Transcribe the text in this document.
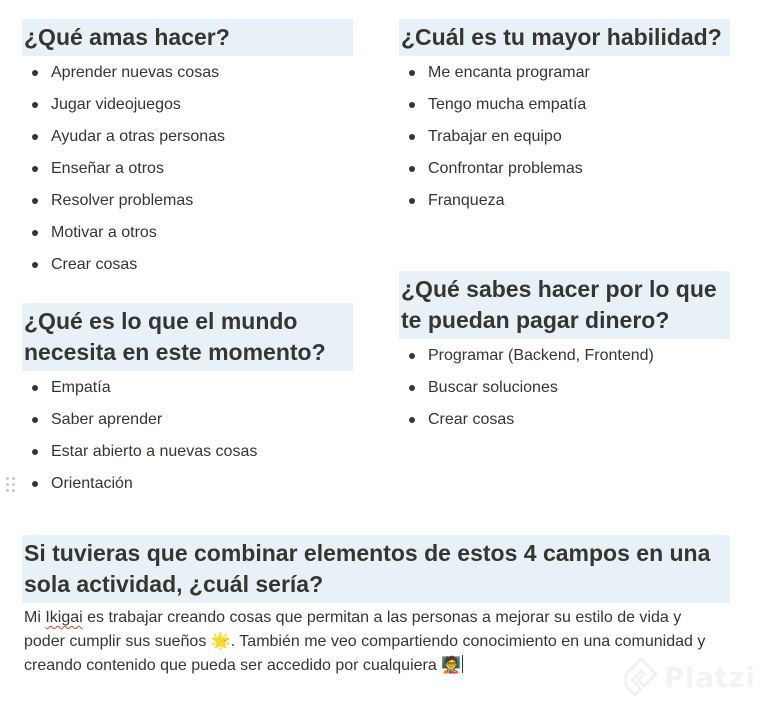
¿Qué amas hacer?
Aprender nuevas cosas
Jugar videojuegos
Ayudar a otras personas
Enseñar a otros
Resolver problemas
Motivar a otros
Crear cosas
¿Cuál es tu mayor habilidad?
Me encanta programar
Tengo mucha empatía
Trabajar en equipo
Confrontar problemas
Franqueza
¿Qué es lo que el mundo
necesita en este momento?
Empatía
Saber aprender
Estar abierto a nuevas cosas
Orientación
¿Qué sabes hacer por lo que
te puedan pagar dinero?
Programar (Backend, Frontend)
Buscar soluciones
Crear cosas
Si tuvieras que combinar elementos de estos 4 campos en una
sola actividad, ¿cuál sería?

Mi Ikigai es trabajar creando cosas que permitan a las personas a mejorar su estilo de vida y
poder cumplir sus sueños 🌟. También me veo compartiendo conocimiento en una comunidad y
creando contenido que pueda ser accedido por cualquiera 🧑‍🏫	Platzi
